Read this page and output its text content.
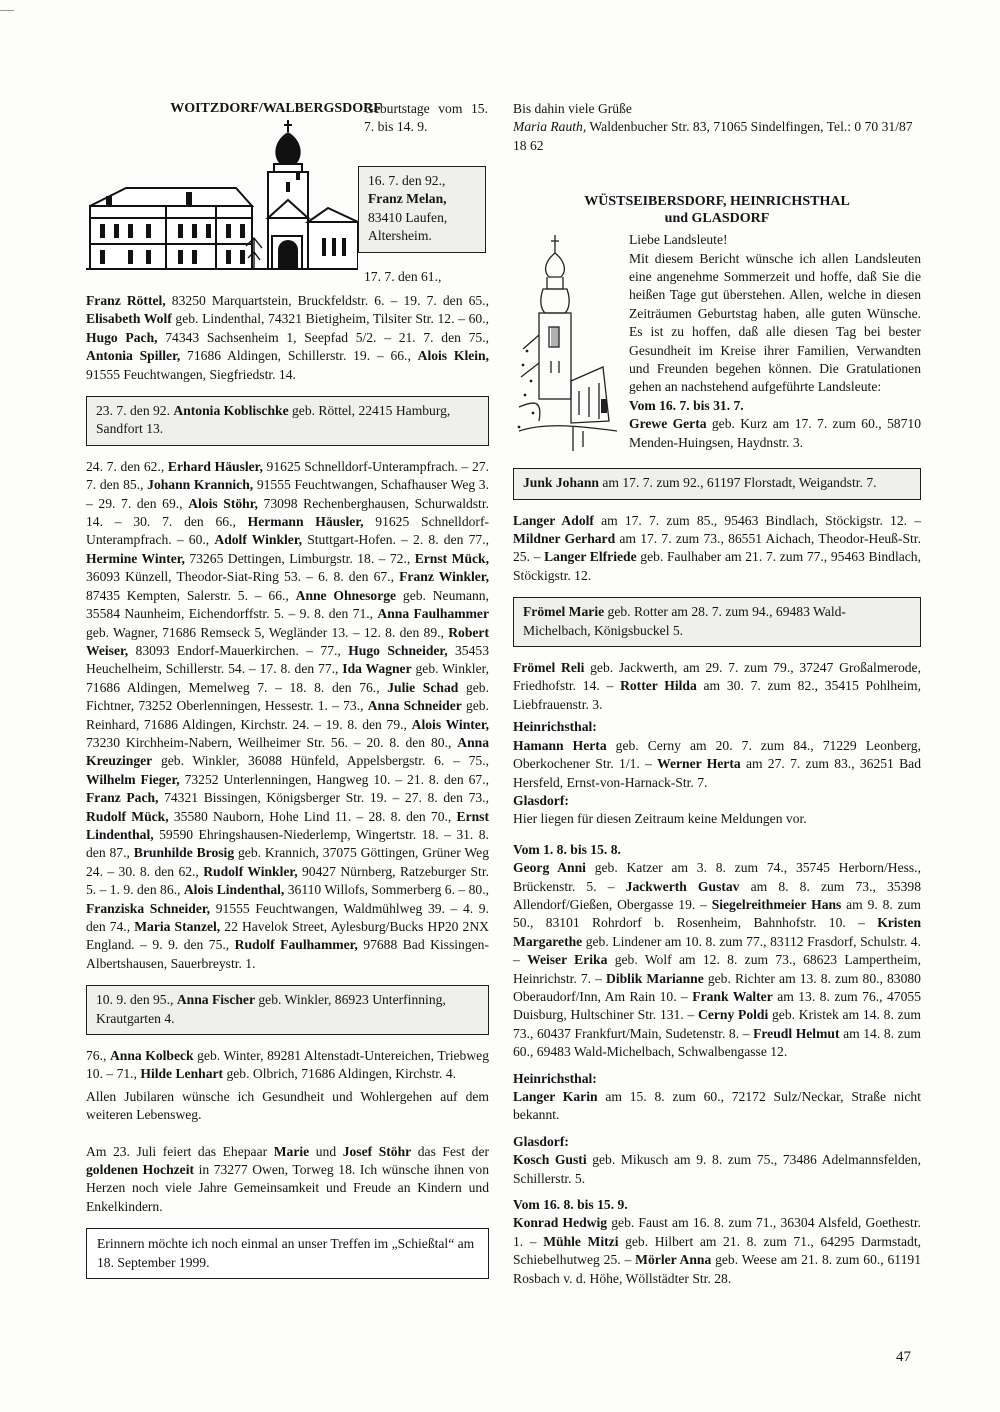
WOITZDORF/WALBERGSDORF
Geburtstage vom 15. 7. bis 14. 9.
16. 7. den 92., Franz Melan, 83410 Laufen, Altersheim.
17. 7. den 61.,

Franz Röttel, 83250 Marquartstein, Bruckfeldstr. 6. – 19. 7. den 65., Elisabeth Wolf geb. Lindenthal, 74321 Bietigheim, Tilsiter Str. 12. – 60., Hugo Pach, 74343 Sachsenheim 1, Seepfad 5/2. – 21. 7. den 75., Antonia Spiller, 71686 Aldingen, Schillerstr. 19. – 66., Alois Klein, 91555 Feuchtwangen, Siegfriedstr. 14.

23. 7. den 92. Antonia Koblischke geb. Röttel, 22415 Hamburg, Sandfort 13.

24. 7. den 62., Erhard Häusler, 91625 Schnelldorf-Unterampfrach. – 27. 7. den 85., Johann Krannich, 91555 Feuchtwangen, Schafhauser Weg 3. – 29. 7. den 69., Alois Stöhr, 73098 Rechenberghausen, Schurwaldstr. 14. – 30. 7. den 66., Hermann Häusler, 91625 Schnelldorf-Unterampfrach. – 60., Adolf Winkler, Stuttgart-Hofen. – 2. 8. den 77., Hermine Winter, 73265 Dettingen, Limburgstr. 18. – 72., Ernst Mück, 36093 Künzell, Theodor-Siat-Ring 53. – 6. 8. den 67., Franz Winkler, 87435 Kempten, Salerstr. 5. – 66., Anne Ohnesorge geb. Neumann, 35584 Naunheim, Eichendorffstr. 5. – 9. 8. den 71., Anna Faulhammer geb. Wagner, 71686 Remseck 5, Wegländer 13. – 12. 8. den 89., Robert Weiser, 83093 Endorf-Mauerkirchen. – 77., Hugo Schneider, 35453 Heuchelheim, Schillerstr. 54. – 17. 8. den 77., Ida Wagner geb. Winkler, 71686 Aldingen, Memelweg 7. – 18. 8. den 76., Julie Schad geb. Fichtner, 73252 Oberlenningen, Hessestr. 1. – 73., Anna Schneider geb. Reinhard, 71686 Aldingen, Kirchstr. 24. – 19. 8. den 79., Alois Winter, 73230 Kirchheim-Nabern, Weilheimer Str. 56. – 20. 8. den 80., Anna Kreuzinger geb. Winkler, 36088 Hünfeld, Appelsbergstr. 6. – 75., Wilhelm Fieger, 73252 Unterlenningen, Hangweg 10. – 21. 8. den 67., Franz Pach, 74321 Bissingen, Königsberger Str. 19. – 27. 8. den 73., Rudolf Mück, 35580 Nauborn, Hohe Lind 11. – 28. 8. den 70., Ernst Lindenthal, 59590 Ehringshausen-Niederlemp, Wingertstr. 18. – 31. 8. den 87., Brunhilde Brosig geb. Krannich, 37075 Göttingen, Grüner Weg 24. – 30. 8. den 62., Rudolf Winkler, 90427 Nürnberg, Ratzeburger Str. 5. – 1. 9. den 86., Alois Lindenthal, 36110 Willofs, Sommerberg 6. – 80., Franziska Schneider, 91555 Feuchtwangen, Waldmühlweg 39. – 4. 9. den 74., Maria Stanzel, 22 Havelok Street, Aylesburg/Bucks HP20 2NX England. – 9. 9. den 75., Rudolf Faulhammer, 97688 Bad Kissingen-Albertshausen, Sauerbreystr. 1.

10. 9. den 95., Anna Fischer geb. Winkler, 86923 Unterfinning, Krautgarten 4.

76., Anna Kolbeck geb. Winter, 89281 Altenstadt-Untereichen, Triebweg 10. – 71., Hilde Lenhart geb. Olbrich, 71686 Aldingen, Kirchstr. 4.

Allen Jubilaren wünsche ich Gesundheit und Wohlergehen auf dem weiteren Lebensweg.

Am 23. Juli feiert das Ehepaar Marie und Josef Stöhr das Fest der goldenen Hochzeit in 73277 Owen, Torweg 18. Ich wünsche ihnen von Herzen noch viele Jahre Gemeinsamkeit und Freude an Kindern und Enkelkindern.

Erinnern möchte ich noch einmal an unser Treffen im „Schießtal“ am 18. September 1999.

Bis dahin viele Grüße

Maria Rauth, Waldenbucher Str. 83, 71065 Sindelfingen, Tel.: 0 70 31/87 18 62

WÜSTSEIBERSDORF, HEINRICHSTHAL
und GLASDORF

Liebe Landsleute!

Mit diesem Bericht wünsche ich allen Landsleuten eine angenehme Sommerzeit und hoffe, daß Sie die heißen Tage gut überstehen. Allen, welche in diesen Zeiträumen Geburtstag haben, alle guten Wünsche. Es ist zu hoffen, daß alle diesen Tag bei bester Gesundheit im Kreise ihrer Familien, Verwandten und Freunden begehen können. Die Gratulationen gehen an nachstehend aufgeführte Landsleute:

Vom 16. 7. bis 31. 7.

Grewe Gerta geb. Kurz am 17. 7. zum 60., 58710 Menden-Huingsen, Haydnstr. 3.

Junk Johann am 17. 7. zum 92., 61197 Florstadt, Weigandstr. 7.

Langer Adolf am 17. 7. zum 85., 95463 Bindlach, Stöckigstr. 12. – Mildner Gerhard am 17. 7. zum 73., 86551 Aichach, Theodor-Heuß-Str. 25. – Langer Elfriede geb. Faulhaber am 21. 7. zum 77., 95463 Bindlach, Stöckigstr. 12.

Frömel Marie geb. Rotter am 28. 7. zum 94., 69483 Wald-Michelbach, Königsbuckel 5.

Frömel Reli geb. Jackwerth, am 29. 7. zum 79., 37247 Großalmerode, Friedhofstr. 14. – Rotter Hilda am 30. 7. zum 82., 35415 Pohlheim, Liebfrauenstr. 3.

Heinrichsthal:

Hamann Herta geb. Cerny am 20. 7. zum 84., 71229 Leonberg, Oberkochener Str. 1/1. – Werner Herta am 27. 7. zum 83., 36251 Bad Hersfeld, Ernst-von-Harnack-Str. 7.

Glasdorf:

Hier liegen für diesen Zeitraum keine Meldungen vor.

Vom 1. 8. bis 15. 8.

Georg Anni geb. Katzer am 3. 8. zum 74., 35745 Herborn/Hess., Brückenstr. 5. – Jackwerth Gustav am 8. 8. zum 73., 35398 Allendorf/Gießen, Obergasse 19. – Siegelreithmeier Hans am 9. 8. zum 50., 83101 Rohrdorf b. Rosenheim, Bahnhofstr. 10. – Kristen Margarethe geb. Lindener am 10. 8. zum 77., 83112 Frasdorf, Schulstr. 4. – Weiser Erika geb. Wolf am 12. 8. zum 73., 68623 Lampertheim, Heinrichstr. 7. – Diblik Marianne geb. Richter am 13. 8. zum 80., 83080 Oberaudorf/Inn, Am Rain 10. – Frank Walter am 13. 8. zum 76., 47055 Duisburg, Hultschiner Str. 131. – Cerny Poldi geb. Kristek am 14. 8. zum 73., 60437 Frankfurt/Main, Sudetenstr. 8. – Freudl Helmut am 14. 8. zum 60., 69483 Wald-Michelbach, Schwalbengasse 12.

Heinrichsthal:

Langer Karin am 15. 8. zum 60., 72172 Sulz/Neckar, Straße nicht bekannt.

Glasdorf:

Kosch Gusti geb. Mikusch am 9. 8. zum 75., 73486 Adelmannsfelden, Schillerstr. 5.

Vom 16. 8. bis 15. 9.

Konrad Hedwig geb. Faust am 16. 8. zum 71., 36304 Alsfeld, Goethestr. 1. – Mühle Mitzi geb. Hilbert am 21. 8. zum 71., 64295 Darmstadt, Schiebelhutweg 25. – Mörler Anna geb. Weese am 21. 8. zum 60., 61191 Rosbach v. d. Höhe, Wöllstädter Str. 28.

47
